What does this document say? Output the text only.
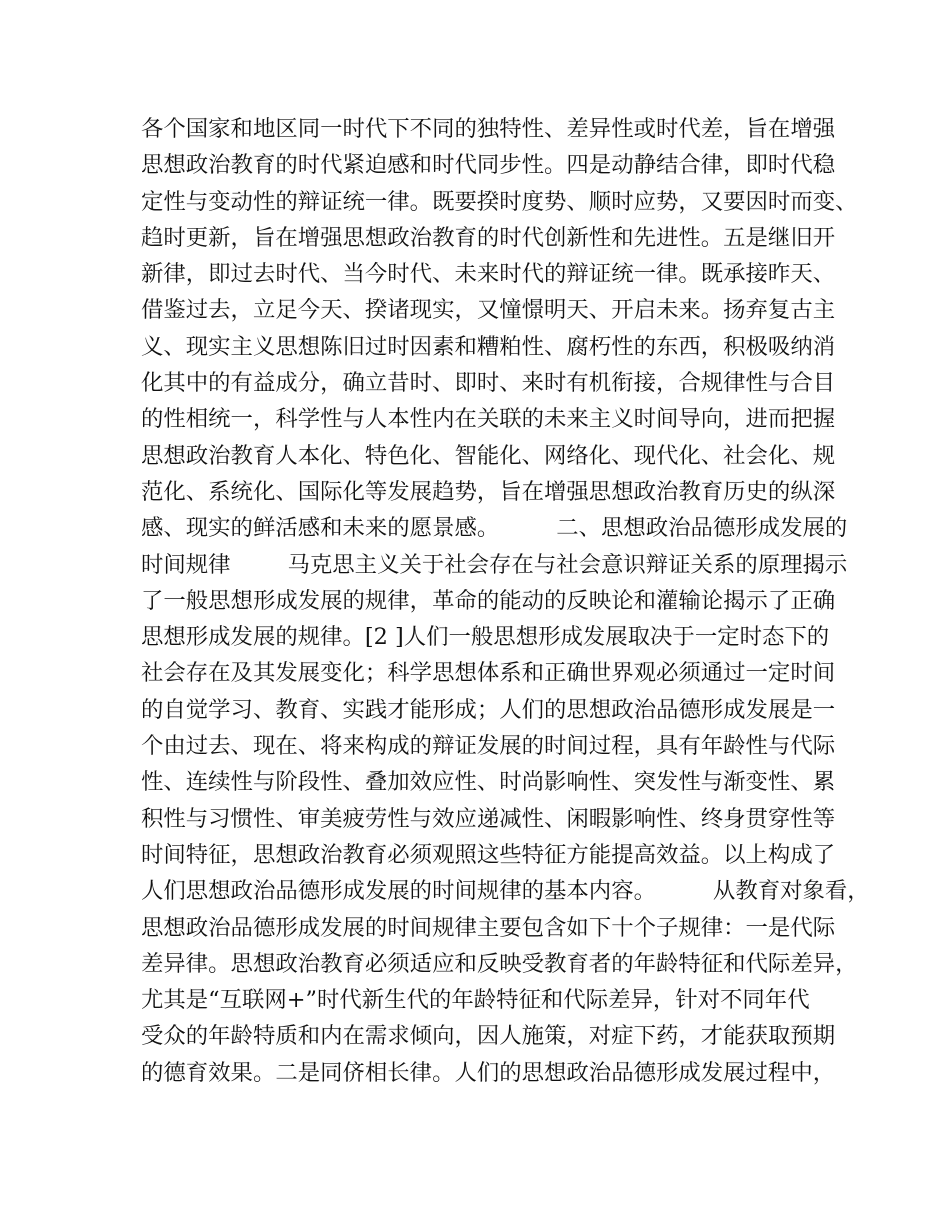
各个国家和地区同一时代下不同的独特性、差异性或时代差，旨在增强
思想政治教育的时代紧迫感和时代同步性。四是动静结合律，即时代稳
定性与变动性的辩证统一律。既要揆时度势、顺时应势，又要因时而变、
趋时更新，旨在增强思想政治教育的时代创新性和先进性。五是继旧开
新律，即过去时代、当今时代、未来时代的辩证统一律。既承接昨天、
借鉴过去，立足今天、揆诸现实，又憧憬明天、开启未来。扬弃复古主
义、现实主义思想陈旧过时因素和糟粕性、腐朽性的东西，积极吸纳消
化其中的有益成分，确立昔时、即时、来时有机衔接，合规律性与合目
的性相统一，科学性与人本性内在关联的未来主义时间导向，进而把握
思想政治教育人本化、特色化、智能化、网络化、现代化、社会化、规
范化、系统化、国际化等发展趋势，旨在增强思想政治教育历史的纵深
感、现实的鲜活感和未来的愿景感。        二、思想政治品德形成发展的
时间规律        马克思主义关于社会存在与社会意识辩证关系的原理揭示
了一般思想形成发展的规律，革命的能动的反映论和灌输论揭示了正确
思想形成发展的规律。[2 ]人们一般思想形成发展取决于一定时态下的
社会存在及其发展变化；科学思想体系和正确世界观必须通过一定时间
的自觉学习、教育、实践才能形成；人们的思想政治品德形成发展是一
个由过去、现在、将来构成的辩证发展的时间过程，具有年龄性与代际
性、连续性与阶段性、叠加效应性、时尚影响性、突发性与渐变性、累
积性与习惯性、审美疲劳性与效应递减性、闲暇影响性、终身贯穿性等
时间特征，思想政治教育必须观照这些特征方能提高效益。以上构成了
人们思想政治品德形成发展的时间规律的基本内容。        从教育对象看，
思想政治品德形成发展的时间规律主要包含如下十个子规律：一是代际
差异律。思想政治教育必须适应和反映受教育者的年龄特征和代际差异，
尤其是“互联网+”时代新生代的年龄特征和代际差异，针对不同年代
受众的年龄特质和内在需求倾向，因人施策，对症下药，才能获取预期
的德育效果。二是同侪相长律。人们的思想政治品德形成发展过程中，
